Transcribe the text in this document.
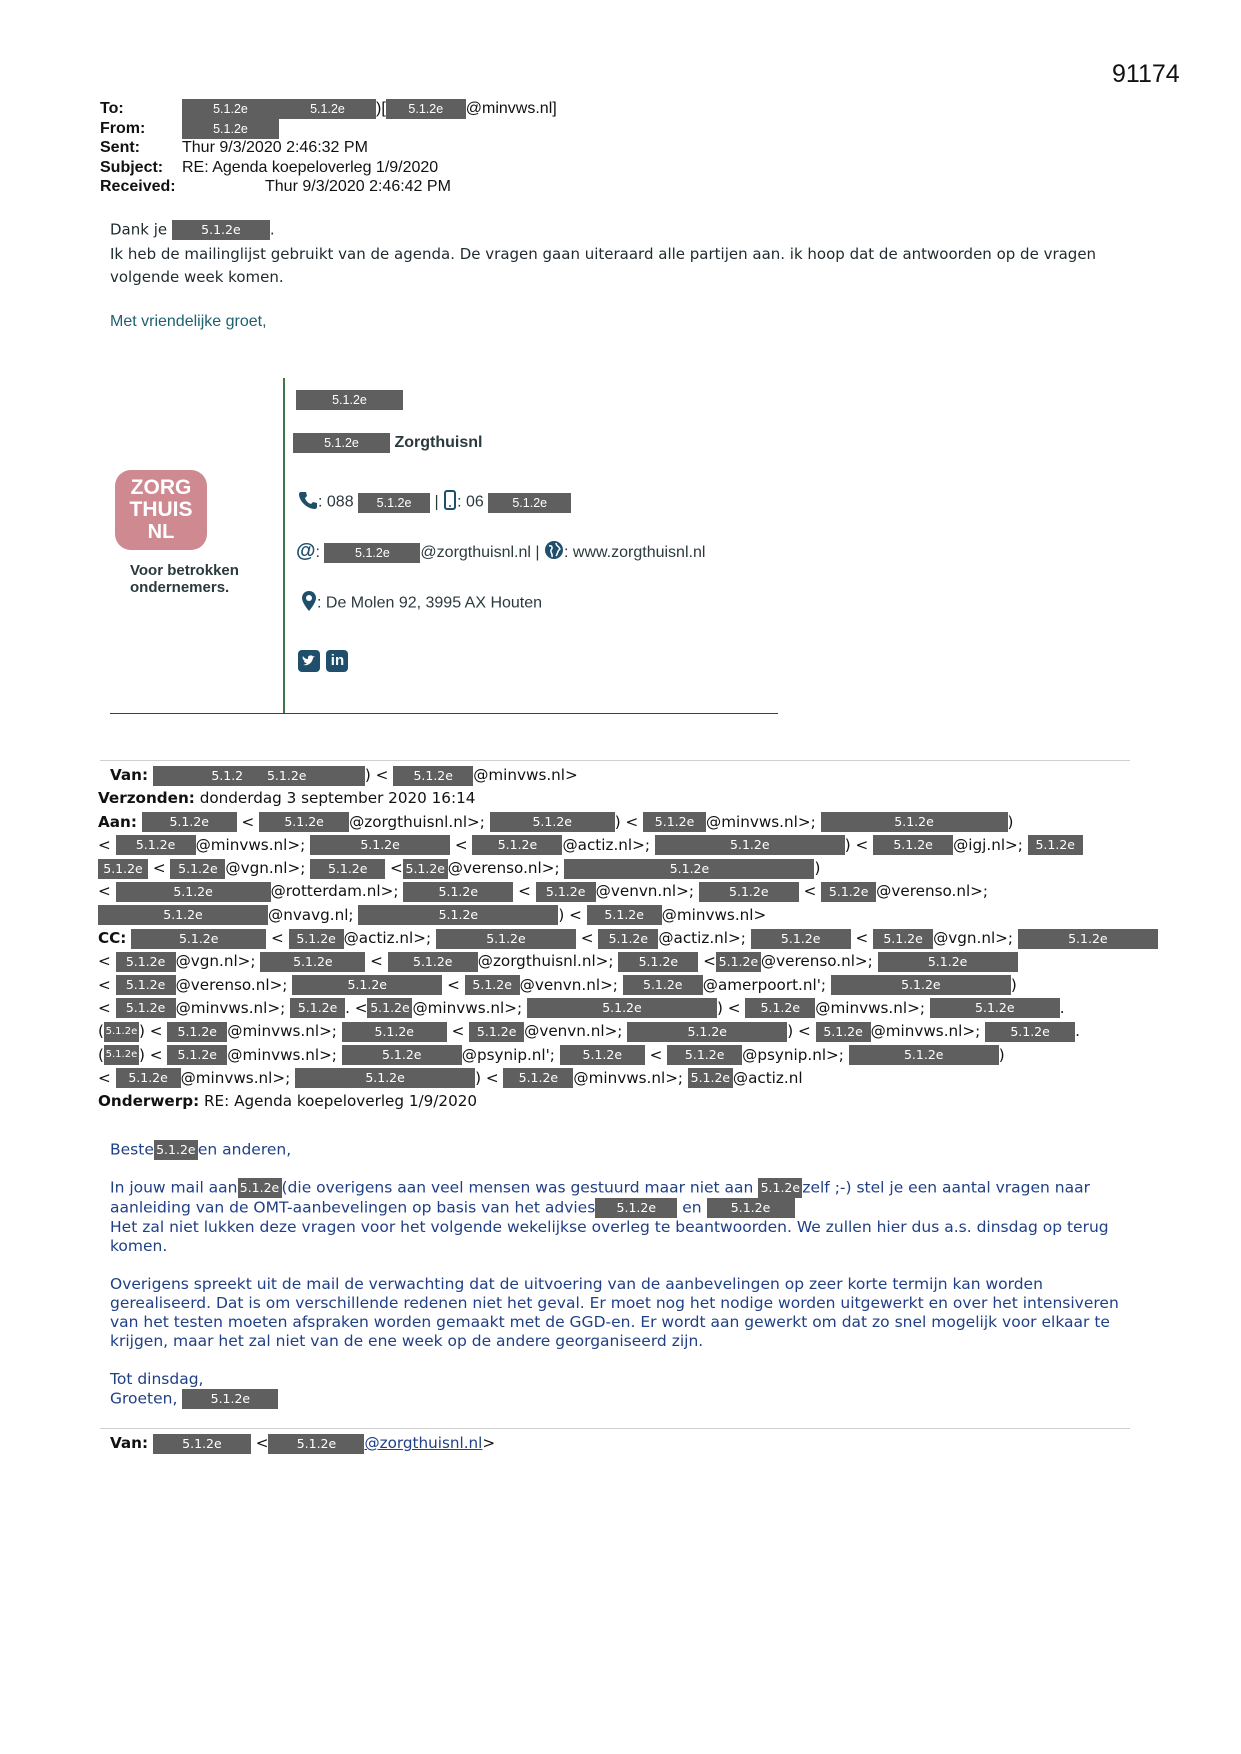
91174
To:	5.1.2e	5.1.2e )[ 5.1.2e @minvws.nl]
From:	5.1.2e
Sent:	Thur 9/3/2020 2:46:32 PM
Subject: RE: Agenda koepeloverleg 1/9/2020
Received:	Thur 9/3/2020 2:46:42 PM
Dank je	5.1.2e .
Ik heb de mailinglijst gebruikt van de agenda. De vragen gaan uiteraard alle partijen aan. ik hoop dat de antwoorden op de vragen
volgende week komen.
Met vriendelijke groet,
ZORG
THUIS
NL
Voor betrokken
ondernemers.
5.1.2e
5.1.2e Zorgthuisnl
: 088 5.1.2e | : 06 5.1.2e
@:	5.1.2e @zorgthuisnl.nl | : www.zorgthuisnl.nl
: De Molen 92, 3995 AX Houten
in
Van:	5.1.2 5.1.2e	) < 5.1.2e @minvws.nl>
Verzonden: donderdag 3 september 2020 16:14
Aan:	5.1.2e < 5.1.2e @zorgthuisnl.nl>;	5.1.2e	) < 5.1.2e @minvws.nl>;	5.1.2e	)
< 5.1.2e @minvws.nl>;	5.1.2e	< 5.1.2e @actiz.nl>;	5.1.2e	) < 5.1.2e @igj.nl>; 5.1.2e
5.1.2e < 5.1.2e @vgn.nl>; 5.1.2e < 5.1.2e @verenso.nl>;	5.1.2e	)
<	5.1.2e	@rotterdam.nl>;	5.1.2e < 5.1.2e @venvn.nl>;	5.1.2e < 5.1.2e @verenso.nl>;
5.1.2e	@nvavg.nl;	5.1.2e	) < 5.1.2e @minvws.nl>
CC:	5.1.2e	< 5.1.2e @actiz.nl>;	5.1.2e	< 5.1.2e @actiz.nl>;	5.1.2e < 5.1.2e @vgn.nl>;	5.1.2e
< 5.1.2e @vgn.nl>;	5.1.2e < 5.1.2e @zorgthuisnl.nl>; 5.1.2e < 5.1.2e @verenso.nl>;	5.1.2e
< 5.1.2e @verenso.nl>;	5.1.2e	< 5.1.2e @venvn.nl>; 5.1.2e @amerpoort.nl';	5.1.2e	)
< 5.1.2e @minvws.nl>; 5.1.2e . < 5.1.2e @minvws.nl>;	5.1.2e	) < 5.1.2e @minvws.nl>;	5.1.2e	.
( 5.1.2e ) < 5.1.2e @minvws.nl>;	5.1.2e < 5.1.2e @venvn.nl>;	5.1.2e	) < 5.1.2e @minvws.nl>; 5.1.2e .
( 5.1.2e ) < 5.1.2e @minvws.nl>;	5.1.2e	@psynip.nl'; 5.1.2e < 5.1.2e @psynip.nl>;	5.1.2e	)
< 5.1.2e @minvws.nl>;	5.1.2e	) < 5.1.2e @minvws.nl>; 5.1.2e @actiz.nl
Onderwerp: RE: Agenda koepeloverleg 1/9/2020
Beste 5.1.2e en anderen,
In jouw mail aan 5.1.2e (die overigens aan veel mensen was gestuurd maar niet aan 5.1.2e zelf ;-) stel je een aantal vragen naar
aanleiding van de OMT-aanbevelingen op basis van het advies 5.1.2e en 5.1.2e
Het zal niet lukken deze vragen voor het volgende wekelijkse overleg te beantwoorden. We zullen hier dus a.s. dinsdag op terug
komen.
Overigens spreekt uit de mail de verwachting dat de uitvoering van de aanbevelingen op zeer korte termijn kan worden
gerealiseerd. Dat is om verschillende redenen niet het geval. Er moet nog het nodige worden uitgewerkt en over het intensiveren
van het testen moeten afspraken worden gemaakt met de GGD-en. Er wordt aan gewerkt om dat zo snel mogelijk voor elkaar te
krijgen, maar het zal niet van de ene week op de andere georganiseerd zijn.
Tot dinsdag,
Groeten,	5.1.2e
Van:	5.1.2e < 5.1.2e @zorgthuisnl.nl>
